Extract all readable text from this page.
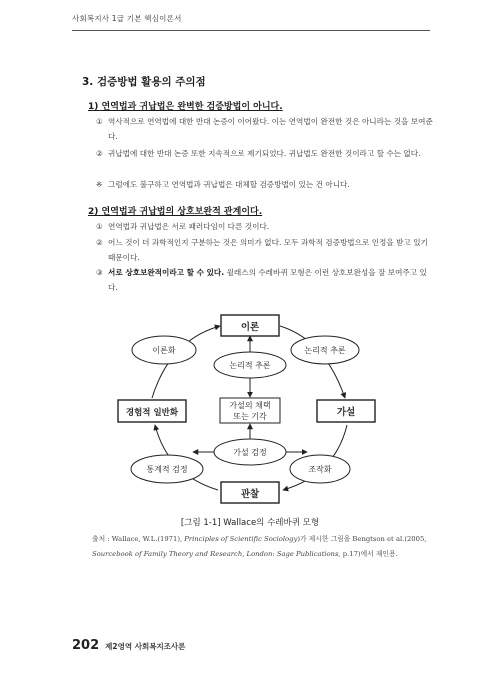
사회복지사 1급 기본 핵심이론서
3. 검증방법 활용의 주의점
1) 연역법과 귀납법은 완벽한 검증방법이 아니다.
① 역사적으로 연역법에 대한 반대 논증이 이어왔다. 이는 연역법이 완전한 것은 아니라는 것을 보여준다.
② 귀납법에 대한 반대 논증 또한 지속적으로 제기되었다. 귀납법도 완전한 것이라고 할 수는 없다.
※ 그럼에도 불구하고 연역법과 귀납법은 대체할 검증방법이 있는 건 아니다.
2) 연역법과 귀납법의 상호보완적 관계이다.
① 연역법과 귀납법은 서로 패러다임이 다른 것이다.
② 어느 것이 더 과학적인지 구분하는 것은 의미가 없다. 모두 과학적 검증방법으로 인정을 받고 있기 때문이다.
③ 서로 상호보완적이라고 할 수 있다. 윌래스의 수레바퀴 모형은 이런 상호보완성을 잘 보여주고 있다.
이론
가설
관찰
경험적 일반화
이론화	논리적 추론
조작화
통계적 검정
논리적 추론
가설의 채택
또는 기각
가설 검정
[그림 1-1] Wallace의 수레바퀴 모형
출처 : Wallace, W.L.(1971), Principles of Scientific Sociology)가 제시한 그림을 Bengtson et al.(2005, Sourcebook of Family Theory and Research, London: Sage Publications, p.17)에서 재인용.
202 제2영역 사회복지조사론
